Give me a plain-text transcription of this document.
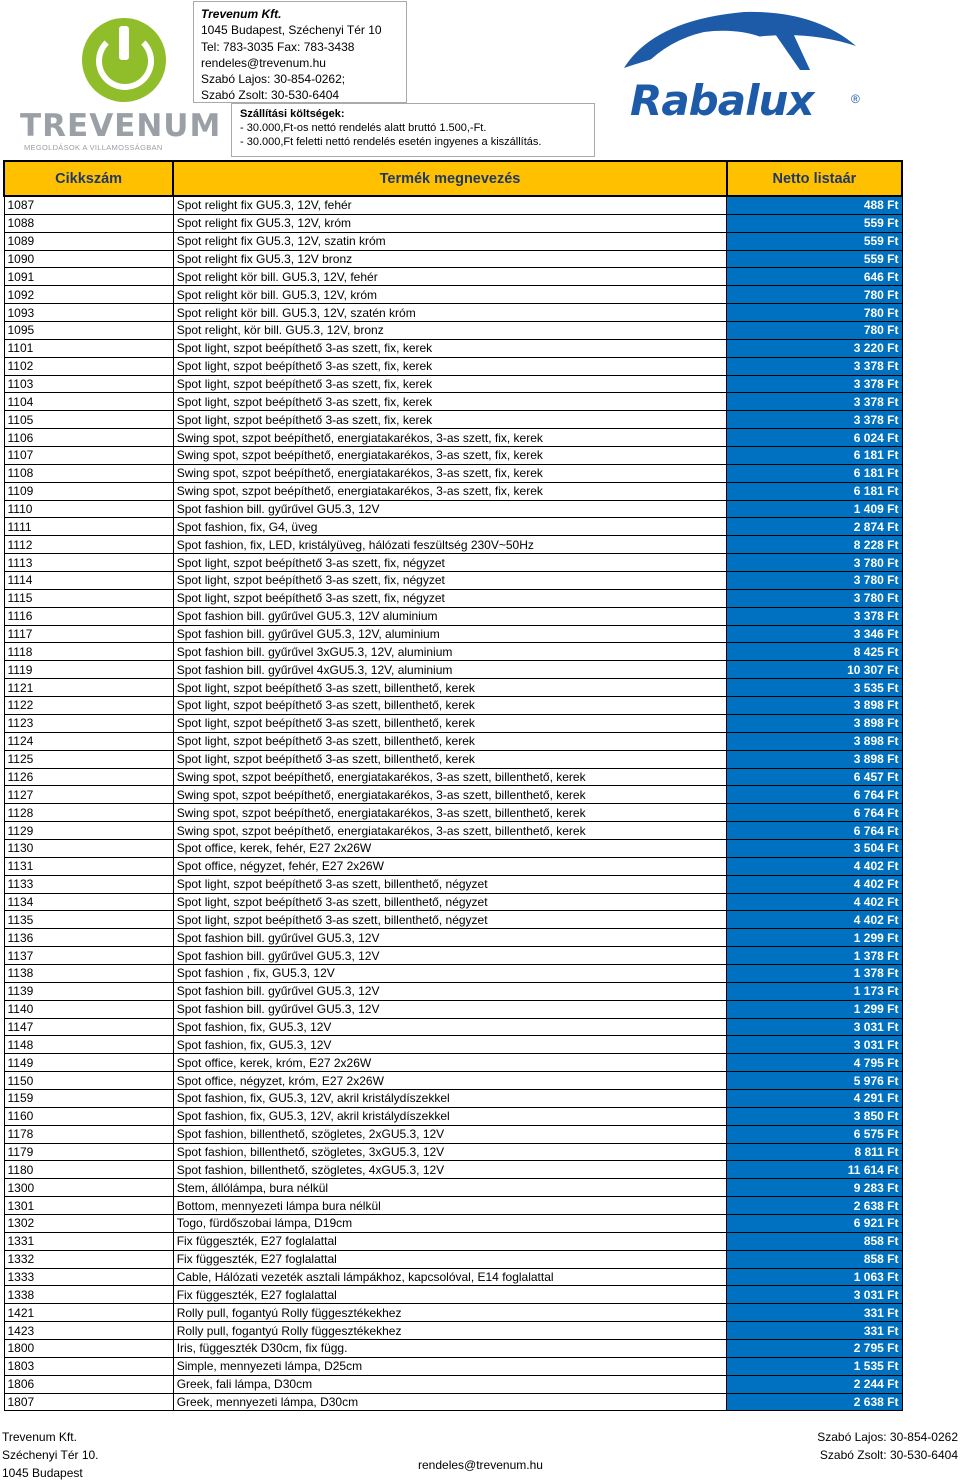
TREVENUM
MEGOLDÁSOK A VILLAMOSSÁGBAN
Trevenum Kft.
1045 Budapest, Széchenyi Tér 10
Tel: 783-3035 Fax: 783-3438
rendeles@trevenum.hu
Szabó Lajos: 30-854-0262;
Szabó Zsolt: 30-530-6404
Szállítási költségek:
- 30.000,Ft-os nettó rendelés alatt bruttó 1.500,-Ft.
- 30.000,Ft feletti nettó rendelés esetén ingyenes a kiszállítás.
Rabalux	®
Cikkszám	Termék megnevezés	Netto listaár
1087	Spot relight fix GU5.3, 12V, fehér	488 Ft
1088	Spot relight fix GU5.3, 12V, króm	559 Ft
1089	Spot relight fix GU5.3, 12V, szatin króm	559 Ft
1090	Spot relight fix GU5.3, 12V bronz	559 Ft
1091	Spot relight kör bill. GU5.3, 12V, fehér	646 Ft
1092	Spot relight kör bill. GU5.3, 12V, króm	780 Ft
1093	Spot relight kör bill. GU5.3, 12V, szatén króm	780 Ft
1095	Spot relight, kör bill. GU5.3, 12V, bronz	780 Ft
1101	Spot light, szpot beépíthető 3-as szett, fix, kerek	3 220 Ft
1102	Spot light, szpot beépíthető 3-as szett, fix, kerek	3 378 Ft
1103	Spot light, szpot beépíthető 3-as szett, fix, kerek	3 378 Ft
1104	Spot light, szpot beépíthető 3-as szett, fix, kerek	3 378 Ft
1105	Spot light, szpot beépíthető 3-as szett, fix, kerek	3 378 Ft
1106	Swing spot, szpot beépíthető, energiatakarékos, 3-as szett, fix, kerek	6 024 Ft
1107	Swing spot, szpot beépíthető, energiatakarékos, 3-as szett, fix, kerek	6 181 Ft
1108	Swing spot, szpot beépíthető, energiatakarékos, 3-as szett, fix, kerek	6 181 Ft
1109	Swing spot, szpot beépíthető, energiatakarékos, 3-as szett, fix, kerek	6 181 Ft
1110	Spot fashion bill. gyűrűvel GU5.3, 12V	1 409 Ft
1111	Spot fashion, fix, G4, üveg	2 874 Ft
1112	Spot fashion, fix, LED, kristályüveg, hálózati feszültség 230V~50Hz	8 228 Ft
1113	Spot light, szpot beépíthető 3-as szett, fix, négyzet	3 780 Ft
1114	Spot light, szpot beépíthető 3-as szett, fix, négyzet	3 780 Ft
1115	Spot light, szpot beépíthető 3-as szett, fix, négyzet	3 780 Ft
1116	Spot fashion bill. gyűrűvel GU5.3, 12V aluminium	3 378 Ft
1117	Spot fashion bill. gyűrűvel GU5.3, 12V, aluminium	3 346 Ft
1118	Spot fashion bill. gyűrűvel 3xGU5.3, 12V, aluminium	8 425 Ft
1119	Spot fashion bill. gyűrűvel 4xGU5.3, 12V, aluminium	10 307 Ft
1121	Spot light, szpot beépíthető 3-as szett, billenthető, kerek	3 535 Ft
1122	Spot light, szpot beépíthető 3-as szett, billenthető, kerek	3 898 Ft
1123	Spot light, szpot beépíthető 3-as szett, billenthető, kerek	3 898 Ft
1124	Spot light, szpot beépíthető 3-as szett, billenthető, kerek	3 898 Ft
1125	Spot light, szpot beépíthető 3-as szett, billenthető, kerek	3 898 Ft
1126	Swing spot, szpot beépíthető, energiatakarékos, 3-as szett, billenthető, kerek	6 457 Ft
1127	Swing spot, szpot beépíthető, energiatakarékos, 3-as szett, billenthető, kerek	6 764 Ft
1128	Swing spot, szpot beépíthető, energiatakarékos, 3-as szett, billenthető, kerek	6 764 Ft
1129	Swing spot, szpot beépíthető, energiatakarékos, 3-as szett, billenthető, kerek	6 764 Ft
1130	Spot office, kerek, fehér, E27 2x26W	3 504 Ft
1131	Spot office, négyzet, fehér, E27 2x26W	4 402 Ft
1133	Spot light, szpot beépíthető 3-as szett, billenthető, négyzet	4 402 Ft
1134	Spot light, szpot beépíthető 3-as szett, billenthető, négyzet	4 402 Ft
1135	Spot light, szpot beépíthető 3-as szett, billenthető, négyzet	4 402 Ft
1136	Spot fashion bill. gyűrűvel GU5.3, 12V	1 299 Ft
1137	Spot fashion bill. gyűrűvel GU5.3, 12V	1 378 Ft
1138	Spot fashion , fix, GU5.3, 12V	1 378 Ft
1139	Spot fashion bill. gyűrűvel GU5.3, 12V	1 173 Ft
1140	Spot fashion bill. gyűrűvel GU5.3, 12V	1 299 Ft
1147	Spot fashion, fix, GU5.3, 12V	3 031 Ft
1148	Spot fashion, fix, GU5.3, 12V	3 031 Ft
1149	Spot office, kerek, króm, E27 2x26W	4 795 Ft
1150	Spot office, négyzet, króm, E27 2x26W	5 976 Ft
1159	Spot fashion, fix, GU5.3, 12V, akril kristálydíszekkel	4 291 Ft
1160	Spot fashion, fix, GU5.3, 12V, akril kristálydíszekkel	3 850 Ft
1178	Spot fashion, billenthető, szögletes, 2xGU5.3, 12V	6 575 Ft
1179	Spot fashion, billenthető, szögletes, 3xGU5.3, 12V	8 811 Ft
1180	Spot fashion, billenthető, szögletes, 4xGU5.3, 12V	11 614 Ft
1300	Stem, állólámpa, bura nélkül	9 283 Ft
1301	Bottom, mennyezeti lámpa bura nélkül	2 638 Ft
1302	Togo, fürdőszobai lámpa, D19cm	6 921 Ft
1331	Fix függeszték, E27 foglalattal	858 Ft
1332	Fix függeszték, E27 foglalattal	858 Ft
1333	Cable, Hálózati vezeték asztali lámpákhoz, kapcsolóval, E14 foglalattal	1 063 Ft
1338	Fix függeszték, E27 foglalattal	3 031 Ft
1421	Rolly pull, fogantyú Rolly függesztékekhez	331 Ft
1423	Rolly pull, fogantyú Rolly függesztékekhez	331 Ft
1800	Iris, függeszték D30cm, fix függ.	2 795 Ft
1803	Simple, mennyezeti lámpa, D25cm	1 535 Ft
1806	Greek, fali lámpa, D30cm	2 244 Ft
1807	Greek, mennyezeti lámpa, D30cm	2 638 Ft
Trevenum Kft.
Széchenyi Tér 10.
1045 Budapest
rendeles@trevenum.hu
Szabó Lajos: 30-854-0262
Szabó Zsolt: 30-530-6404
